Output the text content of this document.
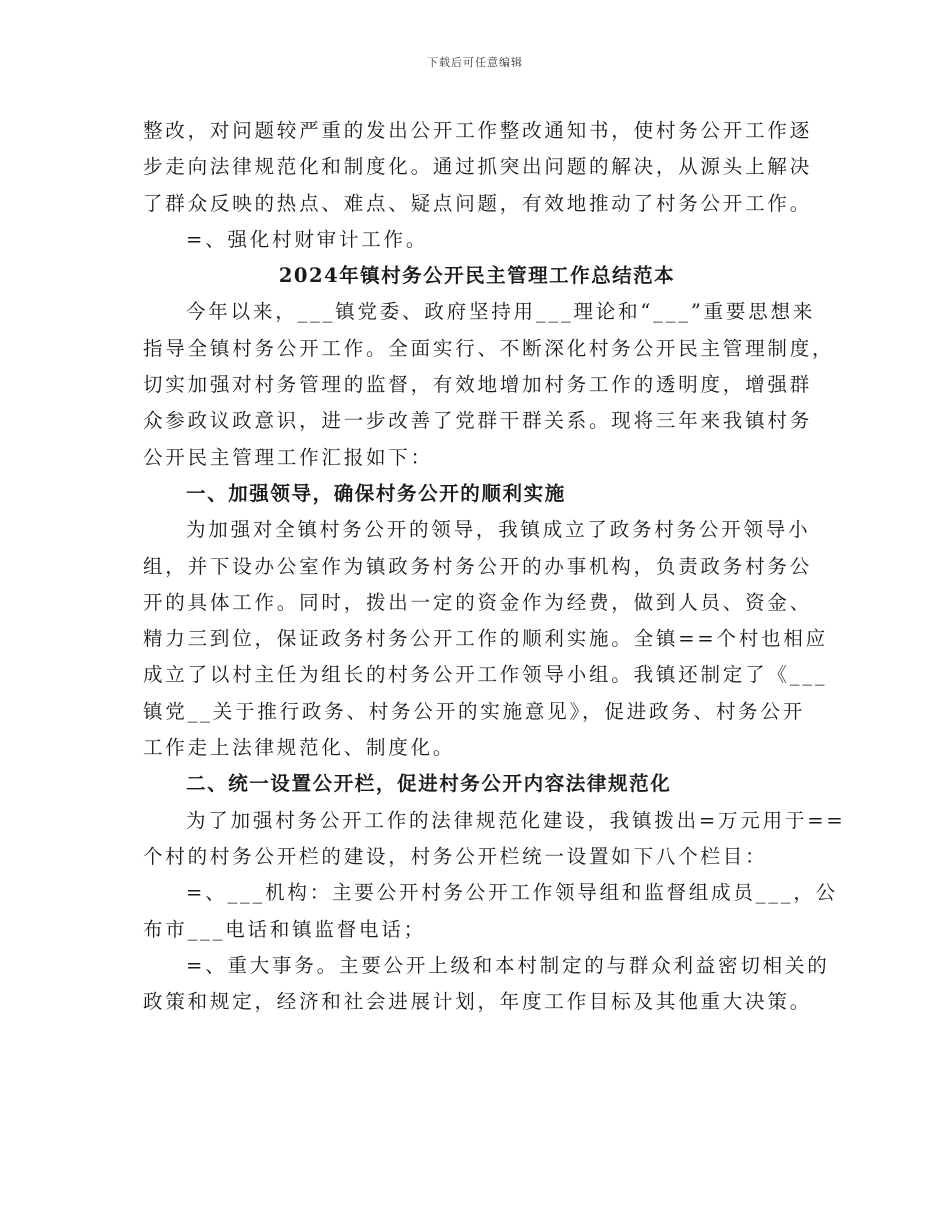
下载后可任意编辑
整改，对问题较严重的发出公开工作整改通知书，使村务公开工作逐
步走向法律规范化和制度化。通过抓突出问题的解决，从源头上解决
了群众反映的热点、难点、疑点问题，有效地推动了村务公开工作。
=、强化村财审计工作。
2024年镇村务公开民主管理工作总结范本
今年以来，___镇党委、政府坚持用___理论和“___”重要思想来
指导全镇村务公开工作。全面实行、不断深化村务公开民主管理制度，
切实加强对村务管理的监督，有效地增加村务工作的透明度，增强群
众参政议政意识，进一步改善了党群干群关系。现将三年来我镇村务
公开民主管理工作汇报如下：
一、加强领导，确保村务公开的顺利实施
为加强对全镇村务公开的领导，我镇成立了政务村务公开领导小
组，并下设办公室作为镇政务村务公开的办事机构，负责政务村务公
开的具体工作。同时，拨出一定的资金作为经费，做到人员、资金、
精力三到位，保证政务村务公开工作的顺利实施。全镇==个村也相应
成立了以村主任为组长的村务公开工作领导小组。我镇还制定了《___
镇党__关于推行政务、村务公开的实施意见》，促进政务、村务公开
工作走上法律规范化、制度化。
二、统一设置公开栏，促进村务公开内容法律规范化
为了加强村务公开工作的法律规范化建设，我镇拨出=万元用于==
个村的村务公开栏的建设，村务公开栏统一设置如下八个栏目：
=、___机构：主要公开村务公开工作领导组和监督组成员___，公
布市___电话和镇监督电话；
=、重大事务。主要公开上级和本村制定的与群众利益密切相关的
政策和规定，经济和社会进展计划，年度工作目标及其他重大决策。
